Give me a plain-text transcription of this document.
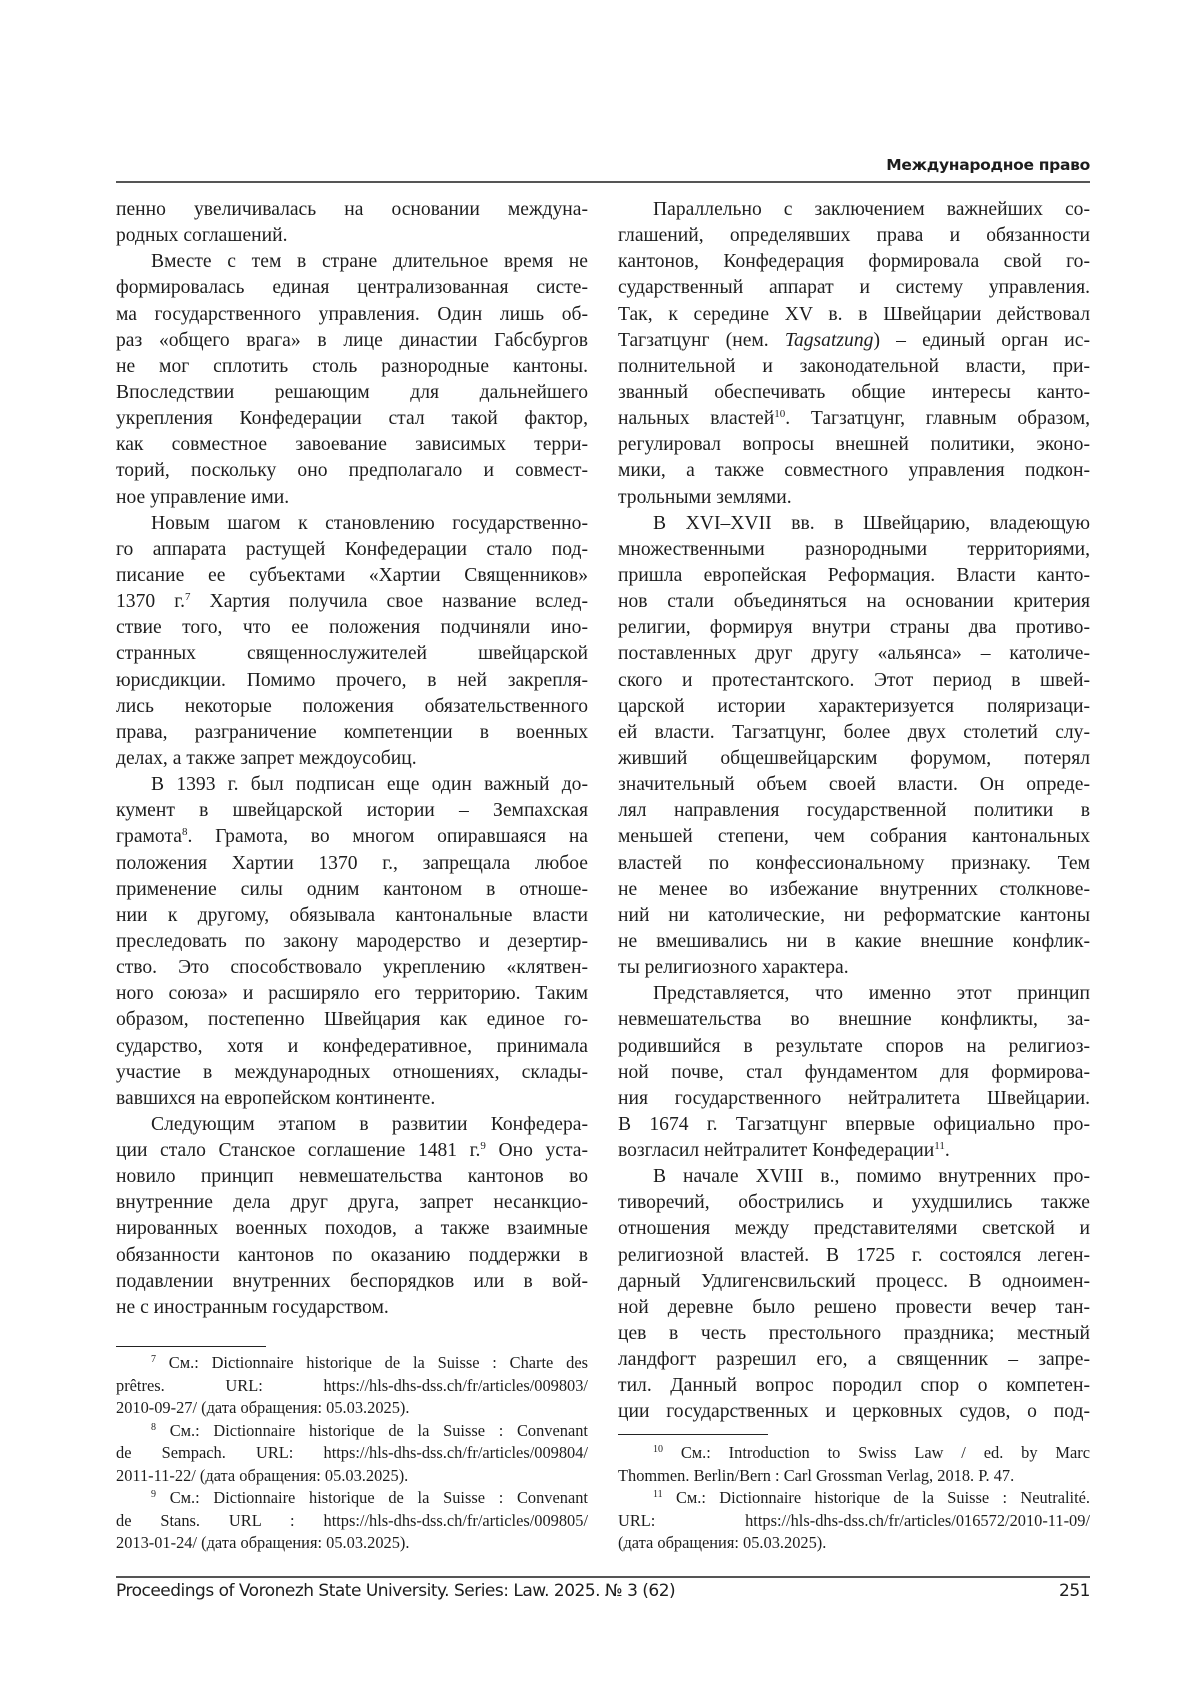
Международное право
пенно увеличивалась на основании междуна-
родных соглашений.
Вместе с тем в стране длительное время не
формировалась единая централизованная систе-
ма государственного управления. Один лишь об-
раз «общего врага» в лице династии Габсбургов
не мог сплотить столь разнородные кантоны.
Впоследствии решающим для дальнейшего
укрепления Конфедерации стал такой фактор,
как совместное завоевание зависимых терри-
торий, поскольку оно предполагало и совмест-
ное управление ими.
Новым шагом к становлению государственно-
го аппарата растущей Конфедерации стало под-
писание ее субъектами «Хартии Священников»
1370 г.7 Хартия получила свое название вслед-
ствие того, что ее положения подчиняли ино-
странных священнослужителей швейцарской
юрисдикции. Помимо прочего, в ней закрепля-
лись некоторые положения обязательственного
права, разграничение компетенции в военных
делах, а также запрет междоусобиц.
В 1393 г. был подписан еще один важный до-
кумент в швейцарской истории – Земпахская
грамота8. Грамота, во многом опиравшаяся на
положения Хартии 1370 г., запрещала любое
применение силы одним кантоном в отноше-
нии к другому, обязывала кантональные власти
преследовать по закону мародерство и дезертир-
ство. Это способствовало укреплению «клятвен-
ного союза» и расширяло его территорию. Таким
образом, постепенно Швейцария как единое го-
сударство, хотя и конфедеративное, принимала
участие в международных отношениях, склады-
вавшихся на европейском континенте.
Следующим этапом в развитии Конфедера-
ции стало Станское соглашение 1481 г.9 Оно уста-
новило принцип невмешательства кантонов во
внутренние дела друг друга, запрет несанкцио-
нированных военных походов, а также взаимные
обязанности кантонов по оказанию поддержки в
подавлении внутренних беспорядков или в вой-
не с иностранным государством.
Параллельно с заключением важнейших со-
глашений, определявших права и обязанности
кантонов, Конфедерация формировала свой го-
сударственный аппарат и систему управления.
Так, к середине XV в. в Швейцарии действовал
Тагзатцунг (нем. Tagsatzung) – единый орган ис-
полнительной и законодательной власти, при-
званный обеспечивать общие интересы канто-
нальных властей10. Тагзатцунг, главным образом,
регулировал вопросы внешней политики, эконо-
мики, а также совместного управления подкон-
трольными землями.
В XVI–XVII вв. в Швейцарию, владеющую
множественными разнородными территориями,
пришла европейская Реформация. Власти канто-
нов стали объединяться на основании критерия
религии, формируя внутри страны два противо-
поставленных друг другу «альянса» – католиче-
ского и протестантского. Этот период в швей-
царской истории характеризуется поляризаци-
ей власти. Тагзатцунг, более двух столетий слу-
живший общешвейцарским форумом, потерял
значительный объем своей власти. Он опреде-
лял направления государственной политики в
меньшей степени, чем собрания кантональных
властей по конфессиональному признаку. Тем
не менее во избежание внутренних столкнове-
ний ни католические, ни реформатские кантоны
не вмешивались ни в какие внешние конфлик-
ты религиозного характера.
Представляется, что именно этот принцип
невмешательства во внешние конфликты, за-
родившийся в результате споров на религиоз-
ной почве, стал фундаментом для формирова-
ния государственного нейтралитета Швейцарии.
В 1674 г. Тагзатцунг впервые официально про-
возгласил нейтралитет Конфедерации11.
В начале XVIII в., помимо внутренних про-
тиворечий, обострились и ухудшились также
отношения между представителями светской и
религиозной властей. В 1725 г. состоялся леген-
дарный Удлигенсвильский процесс. В одноимен-
ной деревне было решено провести вечер тан-
цев в честь престольного праздника; местный
ландфогт разрешил его, а священник – запре-
тил. Данный вопрос породил спор о компетен-
ции государственных и церковных судов, о под-
7 См.: Dictionnaire historique de la Suisse : Charte des
prêtres. URL: https://hls-dhs-dss.ch/fr/articles/009803/
2010-09-27/ (дата обращения: 05.03.2025).
8 См.: Dictionnaire historique de la Suisse : Convenant
de Sempach. URL: https://hls-dhs-dss.ch/fr/articles/009804/
2011-11-22/ (дата обращения: 05.03.2025).
9 См.: Dictionnaire historique de la Suisse : Convenant
de Stans. URL : https://hls-dhs-dss.ch/fr/articles/009805/
2013-01-24/ (дата обращения: 05.03.2025).
10 См.: Introduction to Swiss Law / ed. by Marc
Thommen. Berlin/Bern : Carl Grossman Verlag, 2018. P. 47.
11 См.: Dictionnaire historique de la Suisse : Neutralité.
URL: https://hls-dhs-dss.ch/fr/articles/016572/2010-11-09/
(дата обращения: 05.03.2025).
Proceedings of Voronezh State University. Series: Law. 2025. № 3 (62)	251
